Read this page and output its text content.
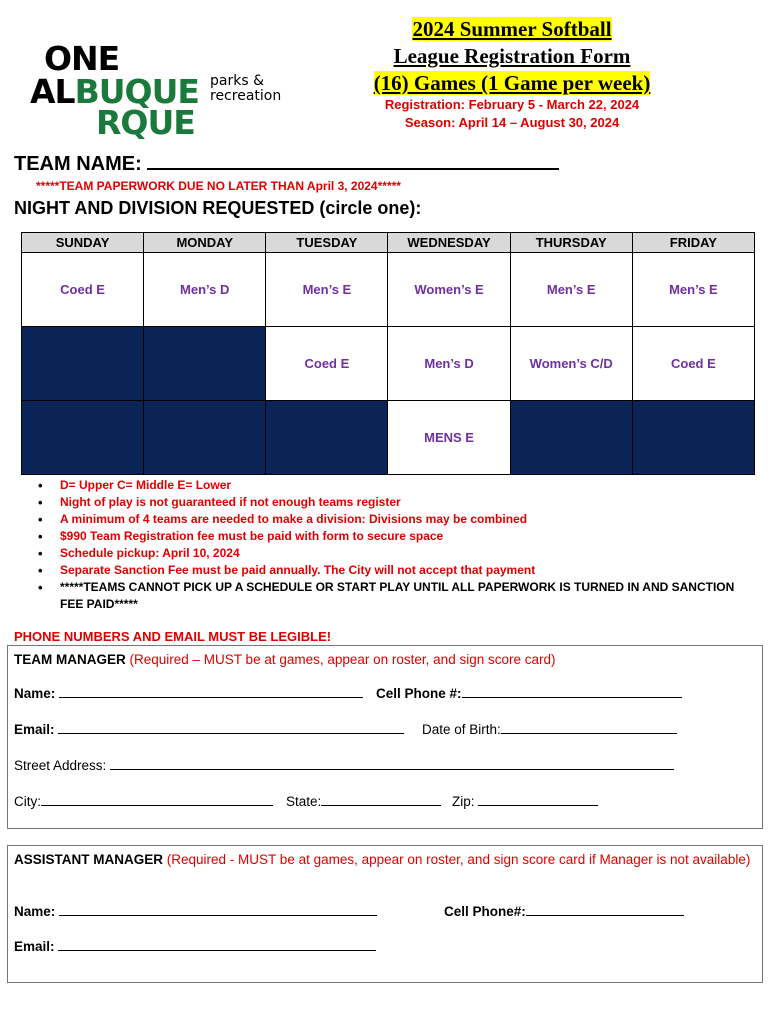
ONE
ALBUQUE
RQUE
parks &
recreation
2024 Summer Softball
League Registration Form
(16) Games (1 Game per week)
Registration: February 5 - March 22, 2024
Season: April 14 – August 30, 2024
TEAM NAME:
*****TEAM PAPERWORK DUE NO LATER THAN April 3, 2024*****
NIGHT AND DIVISION REQUESTED (circle one):
SUNDAY	MONDAY	TUESDAY	WEDNESDAY	THURSDAY	FRIDAY
Coed E	Men’s D	Men’s E	Women’s E	Men’s E	Men’s E
		Coed E	Men’s D	Women’s C/D	Coed E
			MENS E		
• D= Upper C= Middle E= Lower
• Night of play is not guaranteed if not enough teams register
• A minimum of 4 teams are needed to make a division: Divisions may be combined
• $990 Team Registration fee must be paid with form to secure space
• Schedule pickup: April 10, 2024
• Separate Sanction Fee must be paid annually. The City will not accept that payment
• *****TEAMS CANNOT PICK UP A SCHEDULE OR START PLAY UNTIL ALL PAPERWORK IS TURNED IN AND SANCTION FEE PAID*****
PHONE NUMBERS AND EMAIL MUST BE LEGIBLE!
TEAM MANAGER (Required – MUST be at games, appear on roster, and sign score card)
Name:	Cell Phone #:
Email:	Date of Birth:
Street Address:
City:	State:	Zip:
ASSISTANT MANAGER (Required - MUST be at games, appear on roster, and sign score card if Manager is not available)
Name:	Cell Phone#:
Email:
